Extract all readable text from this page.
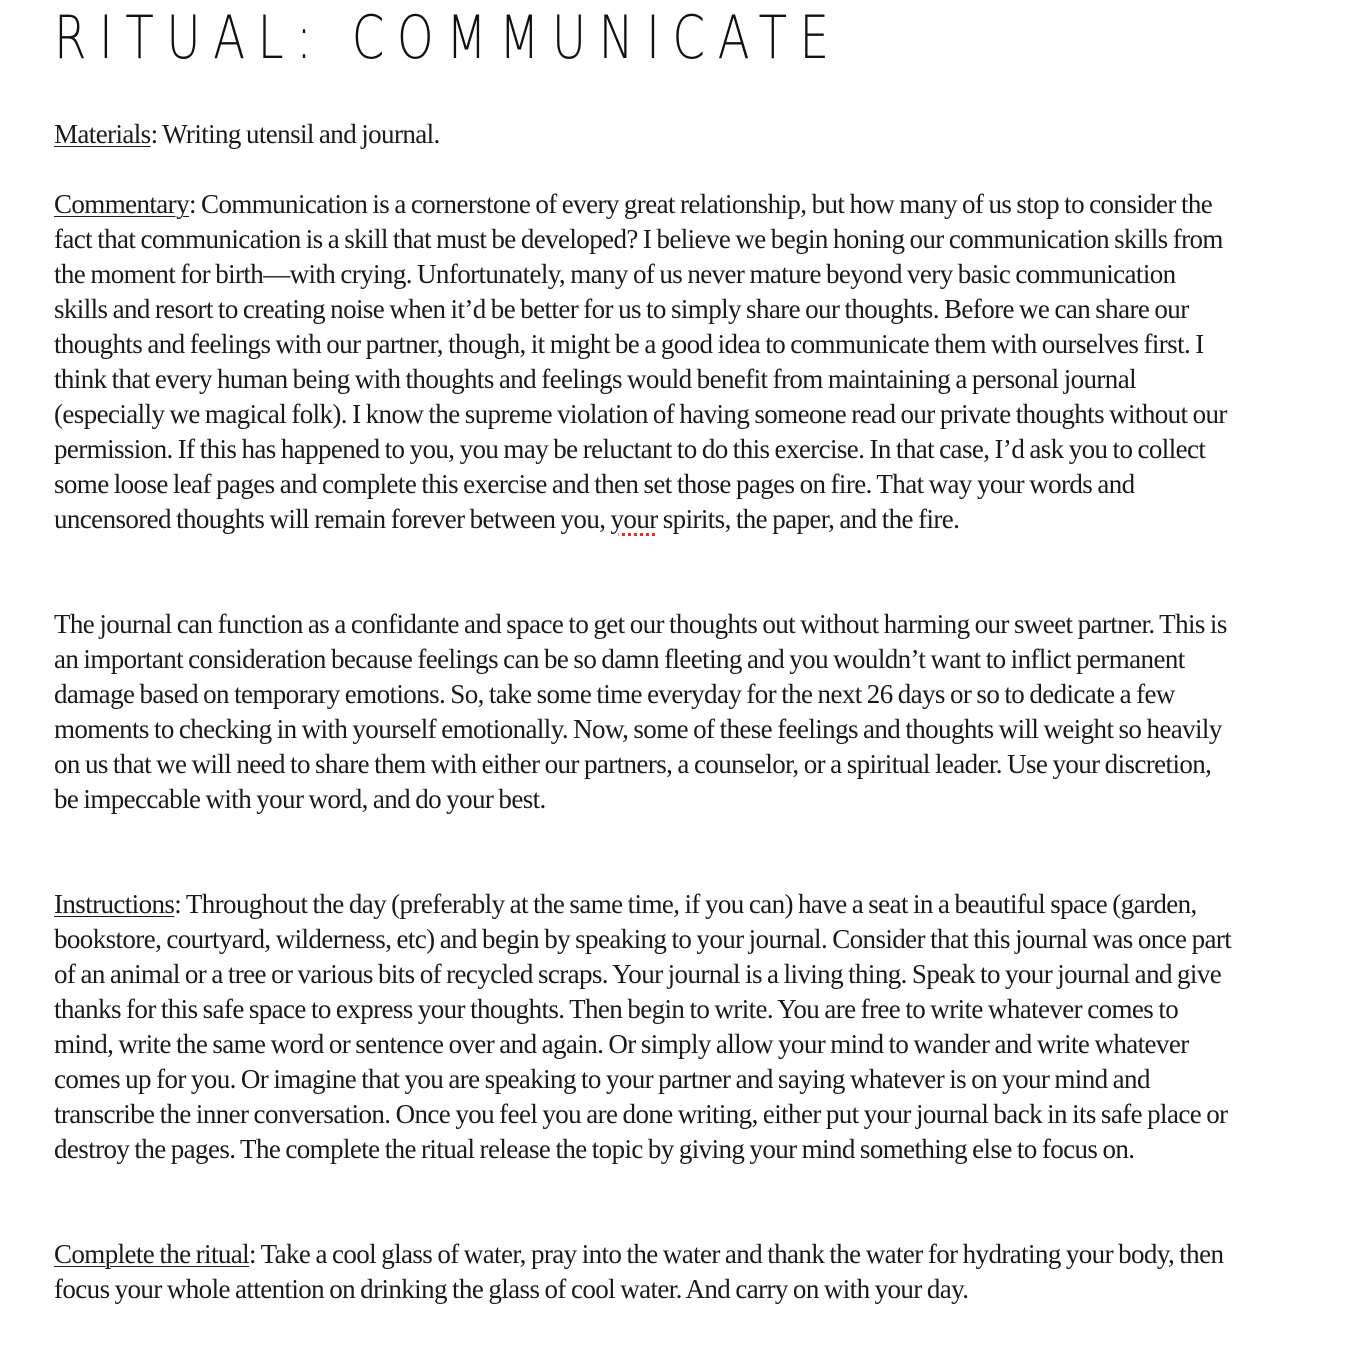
RITUAL: COMMUNICATE

Materials: Writing utensil and journal.

Commentary: Communication is a cornerstone of every great relationship, but how many of us stop to consider the fact that communication is a skill that must be developed? I believe we begin honing our communication skills from the moment for birth—with crying. Unfortunately, many of us never mature beyond very basic communication skills and resort to creating noise when it’d be better for us to simply share our thoughts. Before we can share our thoughts and feelings with our partner, though, it might be a good idea to communicate them with ourselves first. I think that every human being with thoughts and feelings would benefit from maintaining a personal journal (especially we magical folk). I know the supreme violation of having someone read our private thoughts without our permission. If this has happened to you, you may be reluctant to do this exercise. In that case, I’d ask you to collect some loose leaf pages and complete this exercise and then set those pages on fire. That way your words and uncensored thoughts will remain forever between you, your spirits, the paper, and the fire.

The journal can function as a confidante and space to get our thoughts out without harming our sweet partner. This is an important consideration because feelings can be so damn fleeting and you wouldn’t want to inflict permanent damage based on temporary emotions. So, take some time everyday for the next 26 days or so to dedicate a few moments to checking in with yourself emotionally. Now, some of these feelings and thoughts will weight so heavily on us that we will need to share them with either our partners, a counselor, or a spiritual leader. Use your discretion, be impeccable with your word, and do your best.

Instructions: Throughout the day (preferably at the same time, if you can) have a seat in a beautiful space (garden, bookstore, courtyard, wilderness, etc) and begin by speaking to your journal. Consider that this journal was once part of an animal or a tree or various bits of recycled scraps. Your journal is a living thing. Speak to your journal and give thanks for this safe space to express your thoughts. Then begin to write. You are free to write whatever comes to mind, write the same word or sentence over and again. Or simply allow your mind to wander and write whatever comes up for you. Or imagine that you are speaking to your partner and saying whatever is on your mind and transcribe the inner conversation. Once you feel you are done writing, either put your journal back in its safe place or destroy the pages. The complete the ritual release the topic by giving your mind something else to focus on.

Complete the ritual: Take a cool glass of water, pray into the water and thank the water for hydrating your body, then focus your whole attention on drinking the glass of cool water. And carry on with your day.
